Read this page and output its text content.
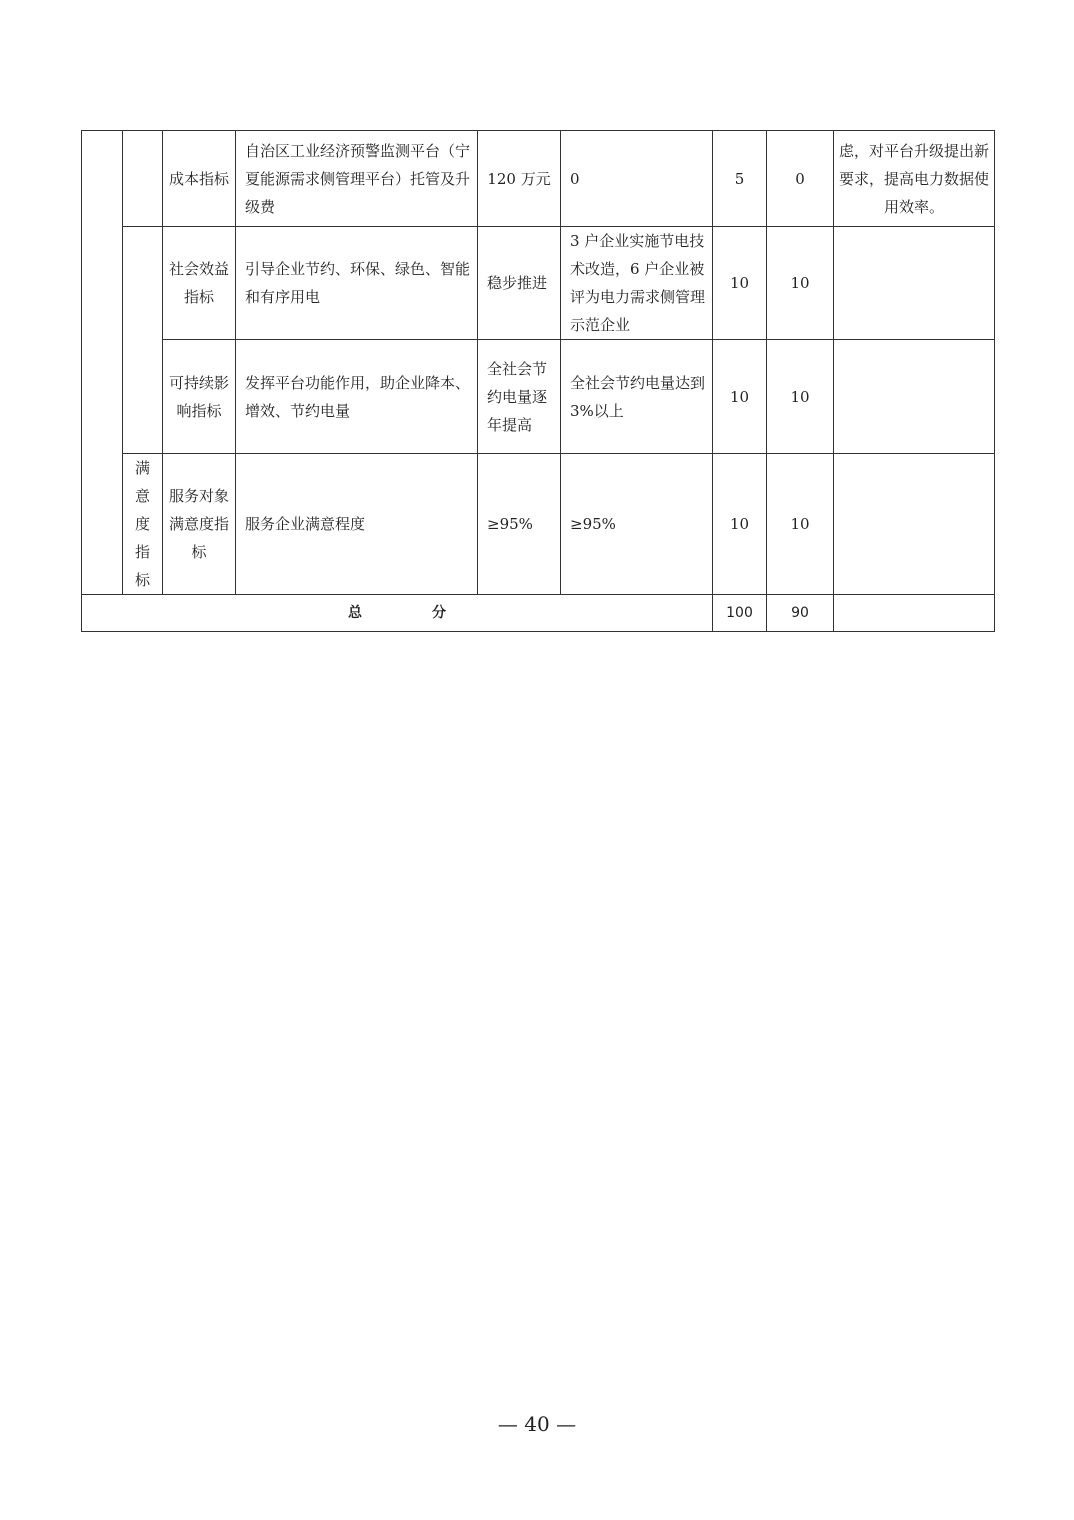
		成本指标	自治区工业经济预警监测平台（宁夏能源需求侧管理平台）托管及升级费	120 万元	0	5	0	虑，对平台升级提出新要求，提高电力数据使用效率。
		社会效益指标	引导企业节约、环保、绿色、智能和有序用电	稳步推进	3 户企业实施节电技术改造，6 户企业被评为电力需求侧管理示范企业	10	10	
		可持续影响指标	发挥平台功能作用，助企业降本、增效、节约电量	全社会节约电量逐年提高	全社会节约电量达到 3%以上	10	10	

	满意度指标	服务对象满意度指标	服务企业满意程度	≥95%	≥95%	10	10	
总 分						100	90	
— 40 —
